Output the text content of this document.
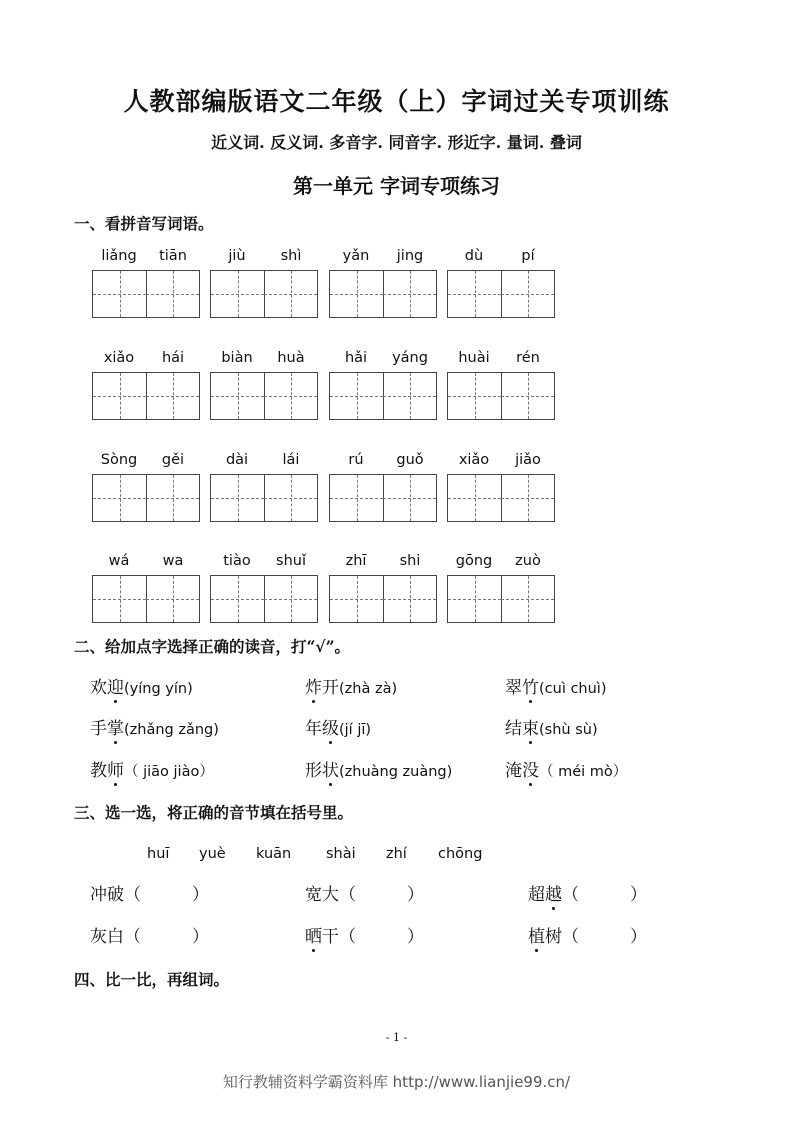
人教部编版语文二年级（上）字词过关专项训练
近义词. 反义词. 多音字. 同音字. 形近字. 量词. 叠词
第一单元 字词专项练习
一、看拼音写词语。
liǎng	tiān	jiù	shì	yǎn	jing	dù	pí
xiǎo	hái	biàn	huà	hǎi	yáng	huài	rén
Sòng	gěi	dài	lái	rú	guǒ	xiǎo	jiǎo
wá	wa	tiào	shuǐ	zhī	shi	gōng	zuò
二、给加点字选择正确的读音，打“√”。
欢迎(yíng yín)	炸开(zhà zà)	翠竹(cuì chuì)
手掌(zhǎng zǎng)	年级(jí jī)	结束(shù sù)
教师（ jiāo jiào）	形状(zhuàng zuàng)	淹没（ méi mò）
三、选一选，将正确的音节填在括号里。
huī yuè kuān shài zhí chōng
冲破（　　　）	宽大（　　　）	超越（　　　）
灰白（　　　）	晒干（　　　）	植树（　　　）
四、比一比，再组词。
- 1 -
知行教辅资料学霸资料库 http://www.lianjie99.cn/
